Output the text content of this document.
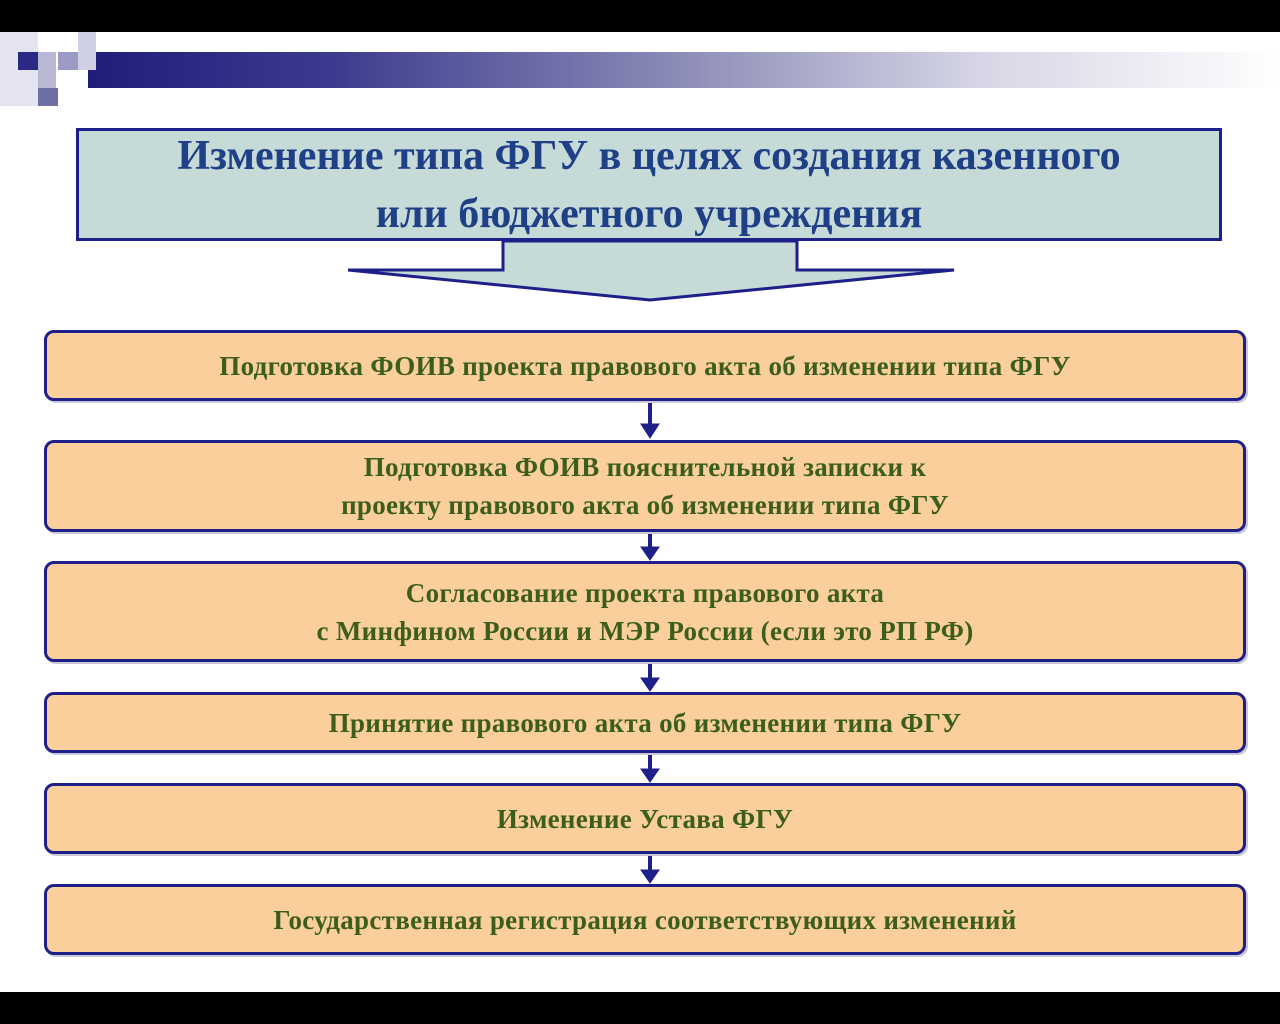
Изменение типа ФГУ в целях создания казенного
или бюджетного учреждения
Подготовка ФОИВ проекта правового акта об изменении типа ФГУ
Подготовка ФОИВ пояснительной записки к
проекту правового акта об изменении типа ФГУ
Согласование проекта правового акта
с Минфином России и МЭР России (если это РП РФ)
Принятие правового акта об изменении типа ФГУ
Изменение Устава ФГУ
Государственная регистрация соответствующих изменений
